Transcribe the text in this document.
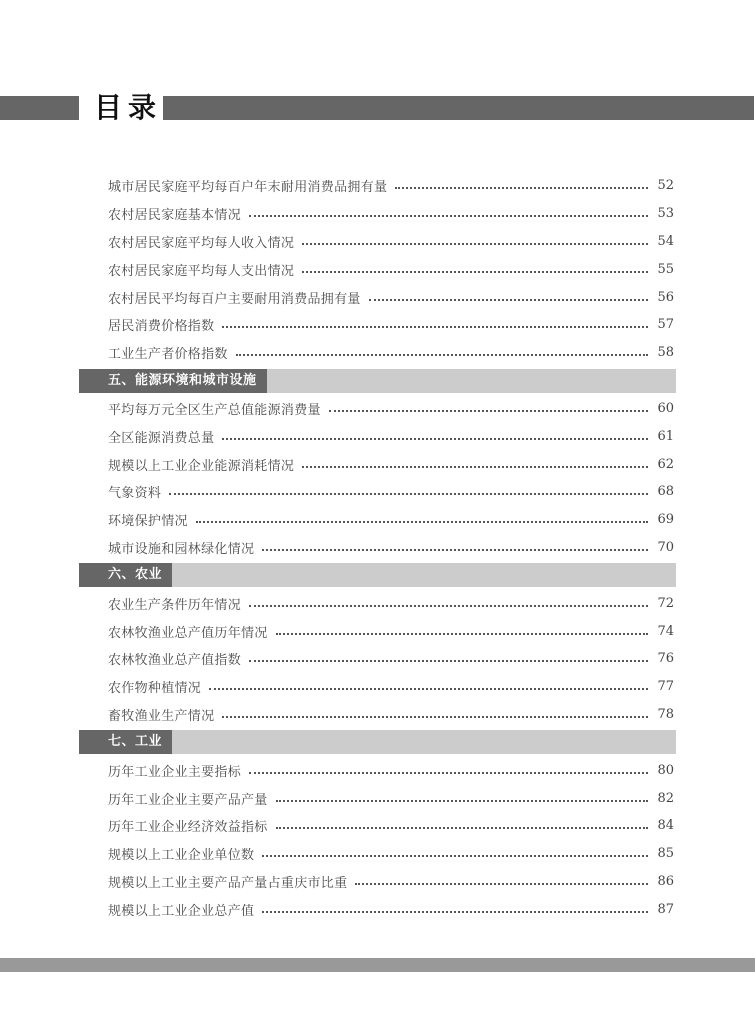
目录
城市居民家庭平均每百户年末耐用消费品拥有量	52
农村居民家庭基本情况	53
农村居民家庭平均每人收入情况	54
农村居民家庭平均每人支出情况	55
农村居民平均每百户主要耐用消费品拥有量	56
居民消费价格指数	57
工业生产者价格指数	58
五、能源环境和城市设施
平均每万元全区生产总值能源消费量	60
全区能源消费总量	61
规模以上工业企业能源消耗情况	62
气象资料	68
环境保护情况	69
城市设施和园林绿化情况	70
六、农业
农业生产条件历年情况	72
农林牧渔业总产值历年情况	74
农林牧渔业总产值指数	76
农作物种植情况	77
畜牧渔业生产情况	78
七、工业
历年工业企业主要指标	80
历年工业企业主要产品产量	82
历年工业企业经济效益指标	84
规模以上工业企业单位数	85
规模以上工业主要产品产量占重庆市比重	86
规模以上工业企业总产值	87
